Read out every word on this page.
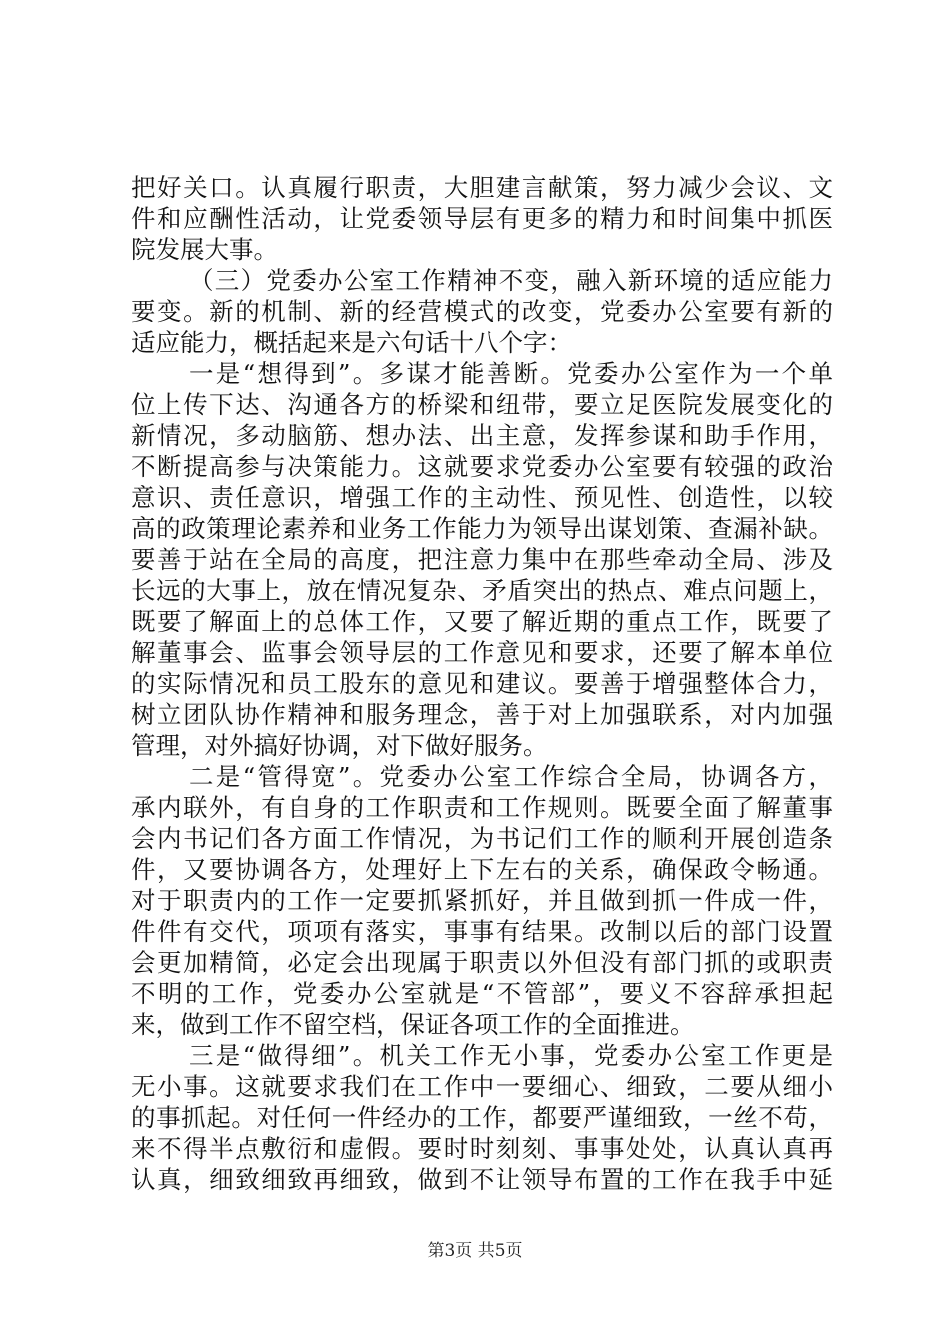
把好关口。认真履行职责，大胆建言献策，努力减少会议、文
件和应酬性活动，让党委领导层有更多的精力和时间集中抓医
院发展大事。
（三）党委办公室工作精神不变，融入新环境的适应能力
要变。新的机制、新的经营模式的改变，党委办公室要有新的
适应能力，概括起来是六句话十八个字：
一是“想得到”。多谋才能善断。党委办公室作为一个单
位上传下达、沟通各方的桥梁和纽带，要立足医院发展变化的
新情况，多动脑筋、想办法、出主意，发挥参谋和助手作用，
不断提高参与决策能力。这就要求党委办公室要有较强的政治
意识、责任意识，增强工作的主动性、预见性、创造性，以较
高的政策理论素养和业务工作能力为领导出谋划策、查漏补缺。
要善于站在全局的高度，把注意力集中在那些牵动全局、涉及
长远的大事上，放在情况复杂、矛盾突出的热点、难点问题上，
既要了解面上的总体工作，又要了解近期的重点工作，既要了
解董事会、监事会领导层的工作意见和要求，还要了解本单位
的实际情况和员工股东的意见和建议。要善于增强整体合力，
树立团队协作精神和服务理念，善于对上加强联系，对内加强
管理，对外搞好协调，对下做好服务。
二是“管得宽”。党委办公室工作综合全局，协调各方，
承内联外，有自身的工作职责和工作规则。既要全面了解董事
会内书记们各方面工作情况，为书记们工作的顺利开展创造条
件，又要协调各方，处理好上下左右的关系，确保政令畅通。
对于职责内的工作一定要抓紧抓好，并且做到抓一件成一件，
件件有交代，项项有落实，事事有结果。改制以后的部门设置
会更加精简，必定会出现属于职责以外但没有部门抓的或职责
不明的工作，党委办公室就是“不管部”，要义不容辞承担起
来，做到工作不留空档，保证各项工作的全面推进。
三是“做得细”。机关工作无小事，党委办公室工作更是
无小事。这就要求我们在工作中一要细心、细致，二要从细小
的事抓起。对任何一件经办的工作，都要严谨细致，一丝不苟，
来不得半点敷衍和虚假。要时时刻刻、事事处处，认真认真再
认真，细致细致再细致，做到不让领导布置的工作在我手中延
第3页 共5页
